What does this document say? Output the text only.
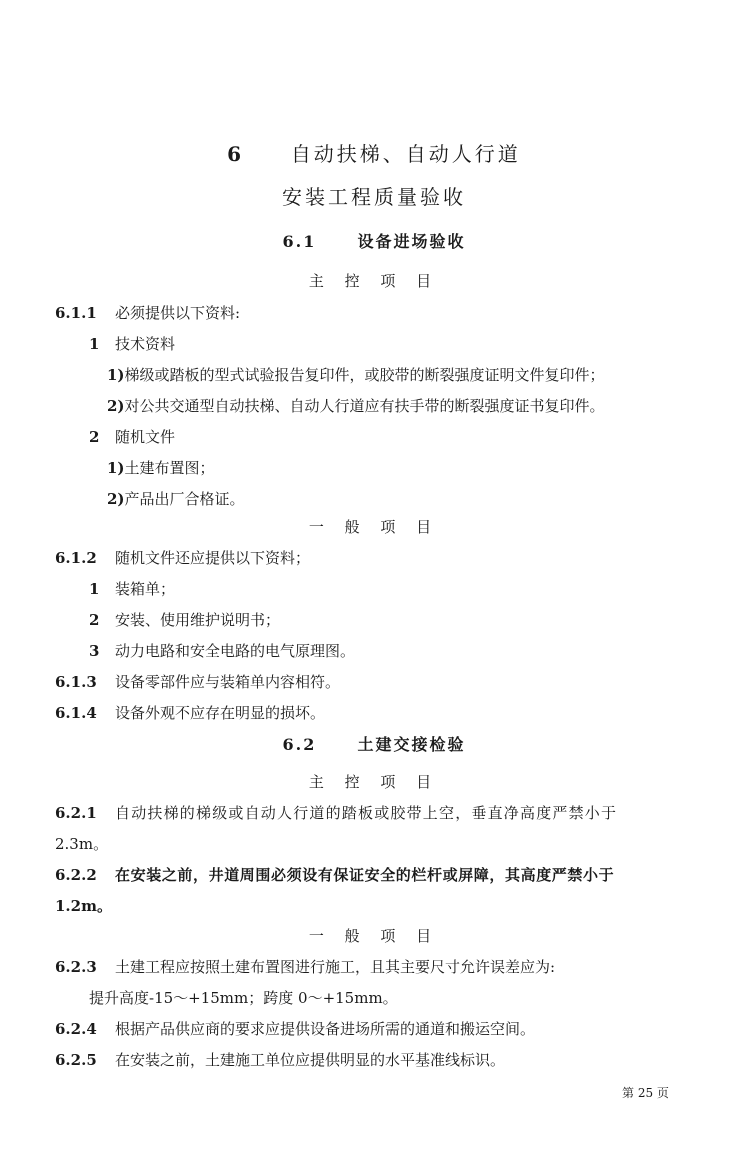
6 自动扶梯、自动人行道
安装工程质量验收
6.1	设备进场验收
主 控 项 目
6.1.1 必须提供以下资料:
1 技术资料
1)梯级或踏板的型式试验报告复印件，或胶带的断裂强度证明文件复印件；
2)对公共交通型自动扶梯、自动人行道应有扶手带的断裂强度证书复印件。
2 随机文件
1)土建布置图；
2)产品出厂合格证。
一 般 项 目
6.1.2 随机文件还应提供以下资料；
1 装箱单；
2 安装、使用维护说明书；
3 动力电路和安全电路的电气原理图。
6.1.3 设备零部件应与装箱单内容相符。
6.1.4 设备外观不应存在明显的损坏。
6.2	土建交接检验
主 控 项 目
6.2.1 自动扶梯的梯级或自动人行道的踏板或胶带上空，垂直净高度严禁小于
2.3m。
6.2.2 在安装之前，井道周围必须设有保证安全的栏杆或屏障，其高度严禁小于
1.2m。
一 般 项 目
6.2.3 土建工程应按照土建布置图进行施工，且其主要尺寸允许误差应为:
提升高度-15～+15mm；跨度 0～+15mm。
6.2.4 根据产品供应商的要求应提供设备进场所需的通道和搬运空间。
6.2.5 在安装之前，土建施工单位应提供明显的水平基准线标识。
第 25 页
